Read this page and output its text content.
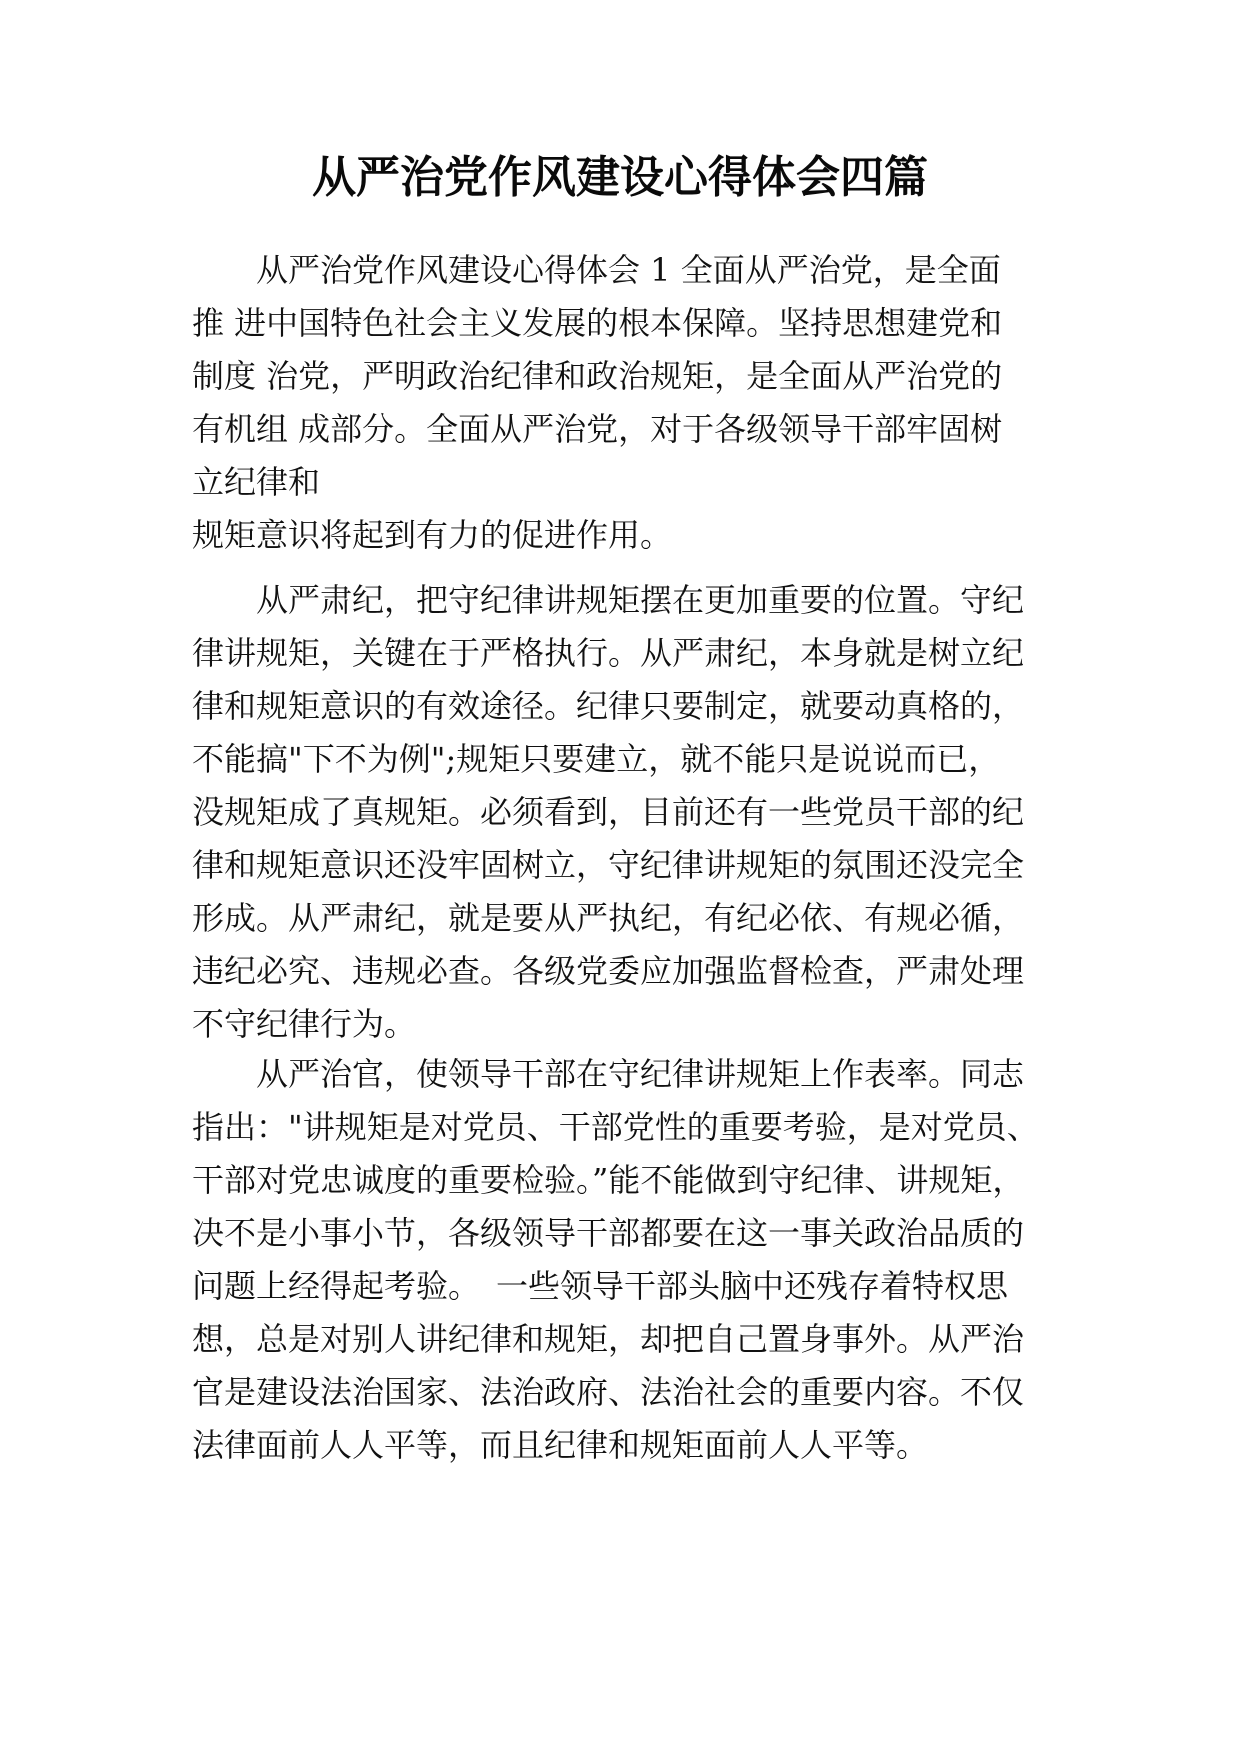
从严治党作风建设心得体会四篇
从严治党作风建设心得体会 1 全面从严治党，是全面
推 进中国特色社会主义发展的根本保障。坚持思想建党和
制度 治党，严明政治纪律和政治规矩，是全面从严治党的
有机组 成部分。全面从严治党，对于各级领导干部牢固树
立纪律和
规矩意识将起到有力的促进作用。
从严肃纪，把守纪律讲规矩摆在更加重要的位置。守纪
律讲规矩，关键在于严格执行。从严肃纪，本身就是树立纪
律和规矩意识的有效途径。纪律只要制定，就要动真格的，
不能搞"下不为例";规矩只要建立，就不能只是说说而已，
没规矩成了真规矩。必须看到，目前还有一些党员干部的纪
律和规矩意识还没牢固树立，守纪律讲规矩的氛围还没完全
形成。从严肃纪，就是要从严执纪，有纪必依、有规必循，
违纪必究、违规必查。各级党委应加强监督检查，严肃处理
不守纪律行为。
从严治官，使领导干部在守纪律讲规矩上作表率。同志
指出："讲规矩是对党员、干部党性的重要考验，是对党员、
干部对党忠诚度的重要检验。”能不能做到守纪律、讲规矩，
决不是小事小节，各级领导干部都要在这一事关政治品质的
问题上经得起考验。　一些领导干部头脑中还残存着特权思
想，总是对别人讲纪律和规矩，却把自己置身事外。从严治
官是建设法治国家、法治政府、法治社会的重要内容。不仅
法律面前人人平等，而且纪律和规矩面前人人平等。
